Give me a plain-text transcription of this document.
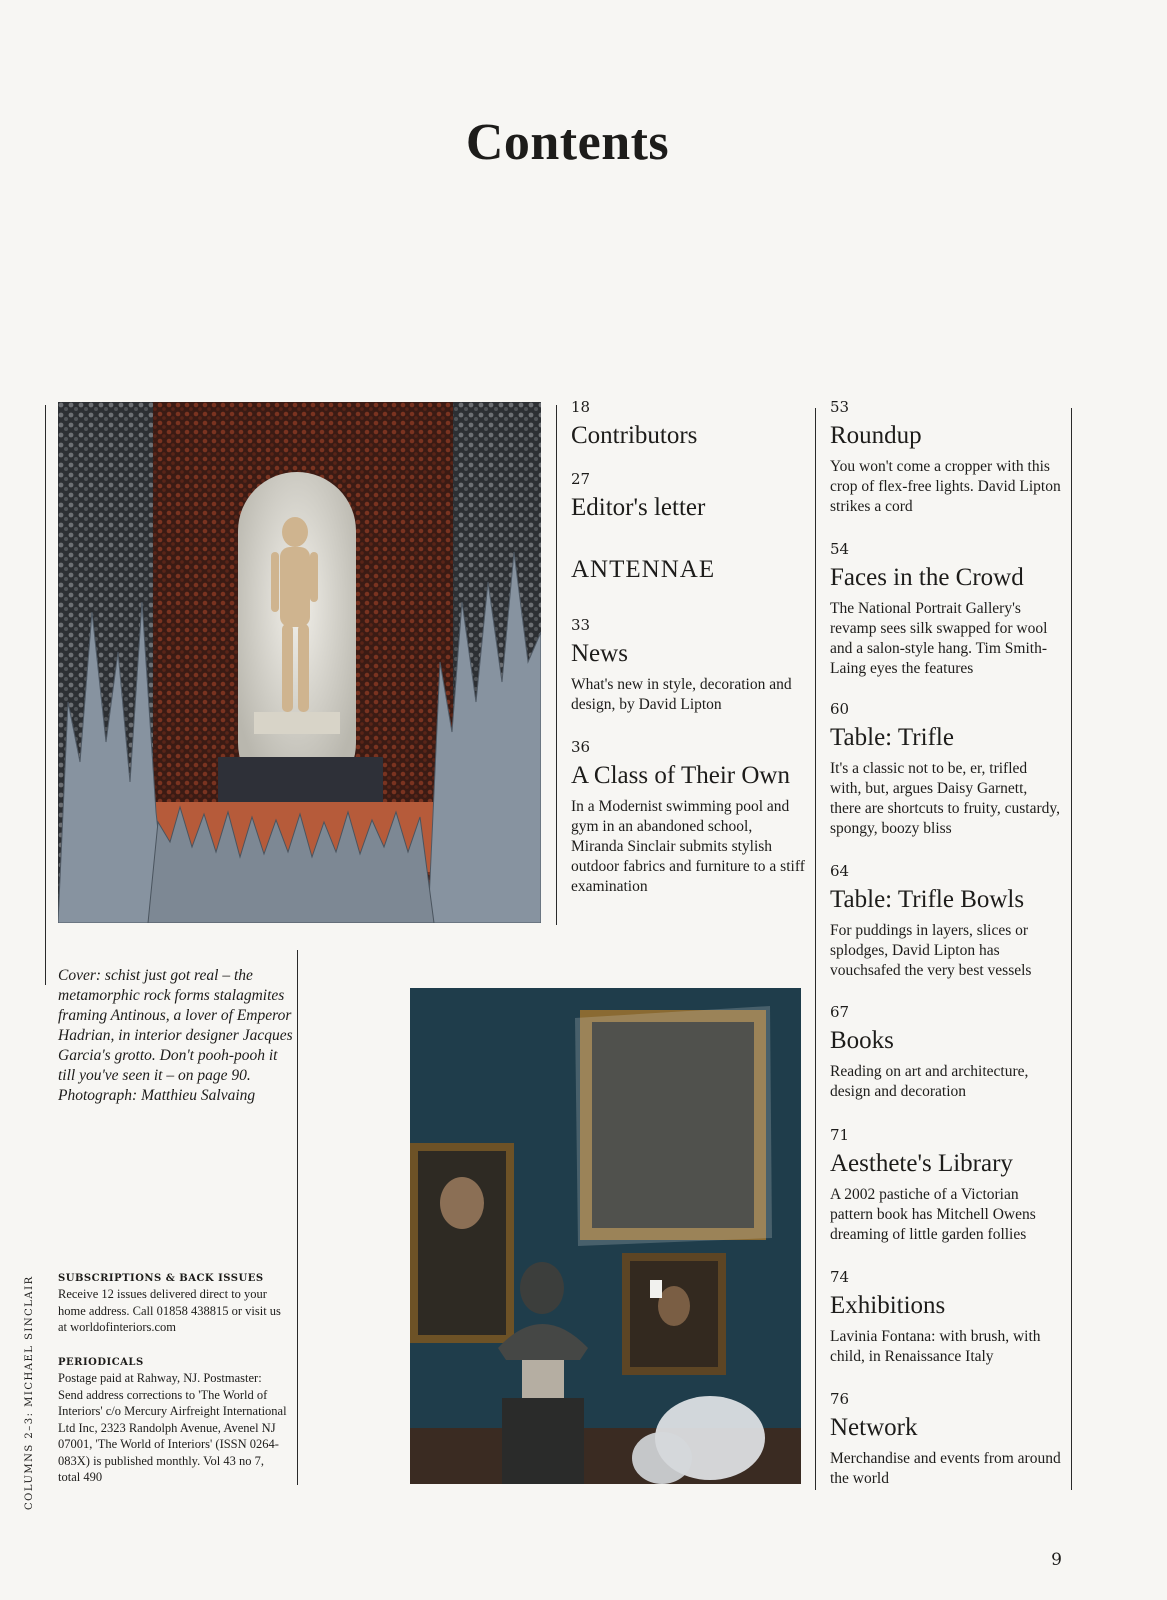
Contents
Cover: schist just got real – the metamorphic rock forms stalagmites framing Antinous, a lover of Emperor Hadrian, in interior designer Jacques Garcia's grotto. Don't pooh-pooh it till you've seen it – on page 90. Photograph: Matthieu Salvaing
SUBSCRIPTIONS & BACK ISSUES
Receive 12 issues delivered direct to your home address. Call 01858 438815 or visit us at worldofinteriors.com
PERIODICALS
Postage paid at Rahway, NJ. Postmaster: Send address corrections to 'The World of Interiors' c/o Mercury Airfreight International Ltd Inc, 2323 Randolph Avenue, Avenel NJ 07001, 'The World of Interiors' (ISSN 0264-083X) is published monthly. Vol 43 no 7, total 490
COLUMNS 2–3: MICHAEL SINCLAIR
18
Contributors
27
Editor's letter
ANTENNAE
33
News
What's new in style, decoration and design, by David Lipton
36
A Class of Their Own
In a Modernist swimming pool and gym in an abandoned school, Miranda Sinclair submits stylish outdoor fabrics and furniture to a stiff examination
53
Roundup
You won't come a cropper with this crop of flex-free lights. David Lipton strikes a cord
54
Faces in the Crowd
The National Portrait Gallery's revamp sees silk swapped for wool and a salon-style hang. Tim Smith-Laing eyes the features
60
Table: Trifle
It's a classic not to be, er, trifled with, but, argues Daisy Garnett, there are shortcuts to fruity, custardy, spongy, boozy bliss
64
Table: Trifle Bowls
For puddings in layers, slices or splodges, David Lipton has vouchsafed the very best vessels
67
Books
Reading on art and architecture, design and decoration
71
Aesthete's Library
A 2002 pastiche of a Victorian pattern book has Mitchell Owens dreaming of little garden follies
74
Exhibitions
Lavinia Fontana: with brush, with child, in Renaissance Italy
76
Network
Merchandise and events from around the world
9
